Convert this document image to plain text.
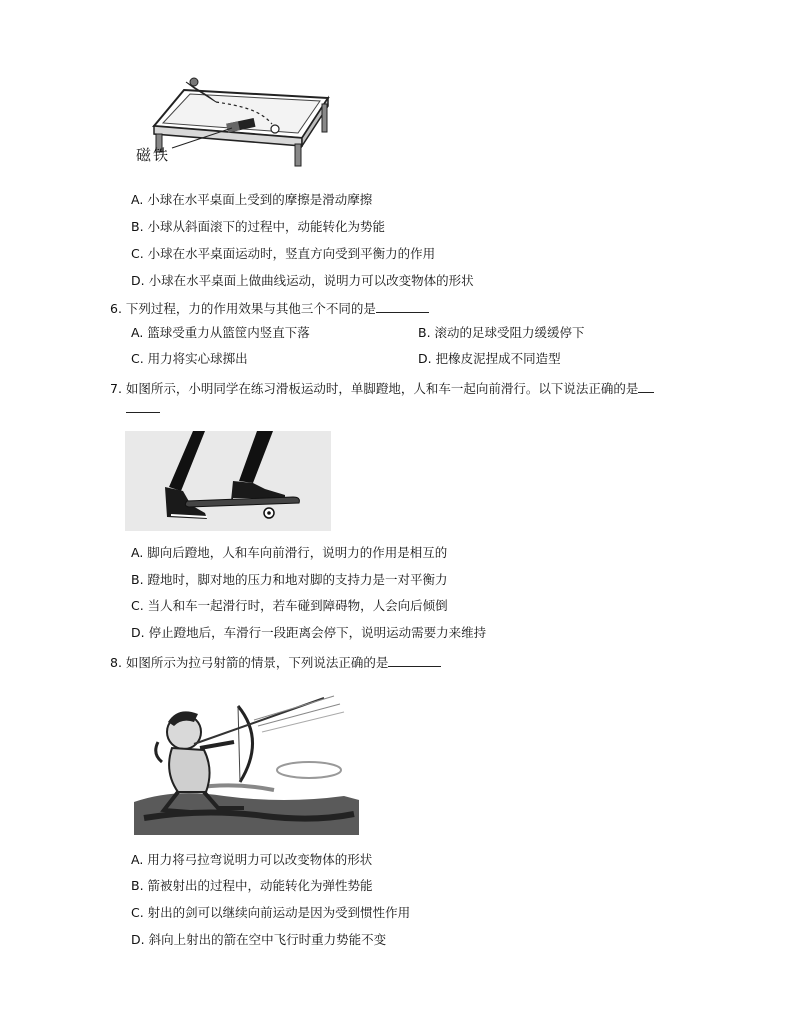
磁铁
A. 小球在水平桌面上受到的摩擦是滑动摩擦
B. 小球从斜面滚下的过程中，动能转化为势能
C. 小球在水平桌面运动时，竖直方向受到平衡力的作用
D. 小球在水平桌面上做曲线运动，说明力可以改变物体的形状
6. 下列过程，力的作用效果与其他三个不同的是
A. 篮球受重力从篮筐内竖直下落	B. 滚动的足球受阻力缓缓停下
C. 用力将实心球掷出	D. 把橡皮泥捏成不同造型
7. 如图所示，小明同学在练习滑板运动时，单脚蹬地，人和车一起向前滑行。以下说法正确的是
A. 脚向后蹬地，人和车向前滑行，说明力的作用是相互的
B. 蹬地时，脚对地的压力和地对脚的支持力是一对平衡力
C. 当人和车一起滑行时，若车碰到障碍物，人会向后倾倒
D. 停止蹬地后，车滑行一段距离会停下，说明运动需要力来维持
8. 如图所示为拉弓射箭的情景，下列说法正确的是
A. 用力将弓拉弯说明力可以改变物体的形状
B. 箭被射出的过程中，动能转化为弹性势能
C. 射出的剑可以继续向前运动是因为受到惯性作用
D. 斜向上射出的箭在空中飞行时重力势能不变
